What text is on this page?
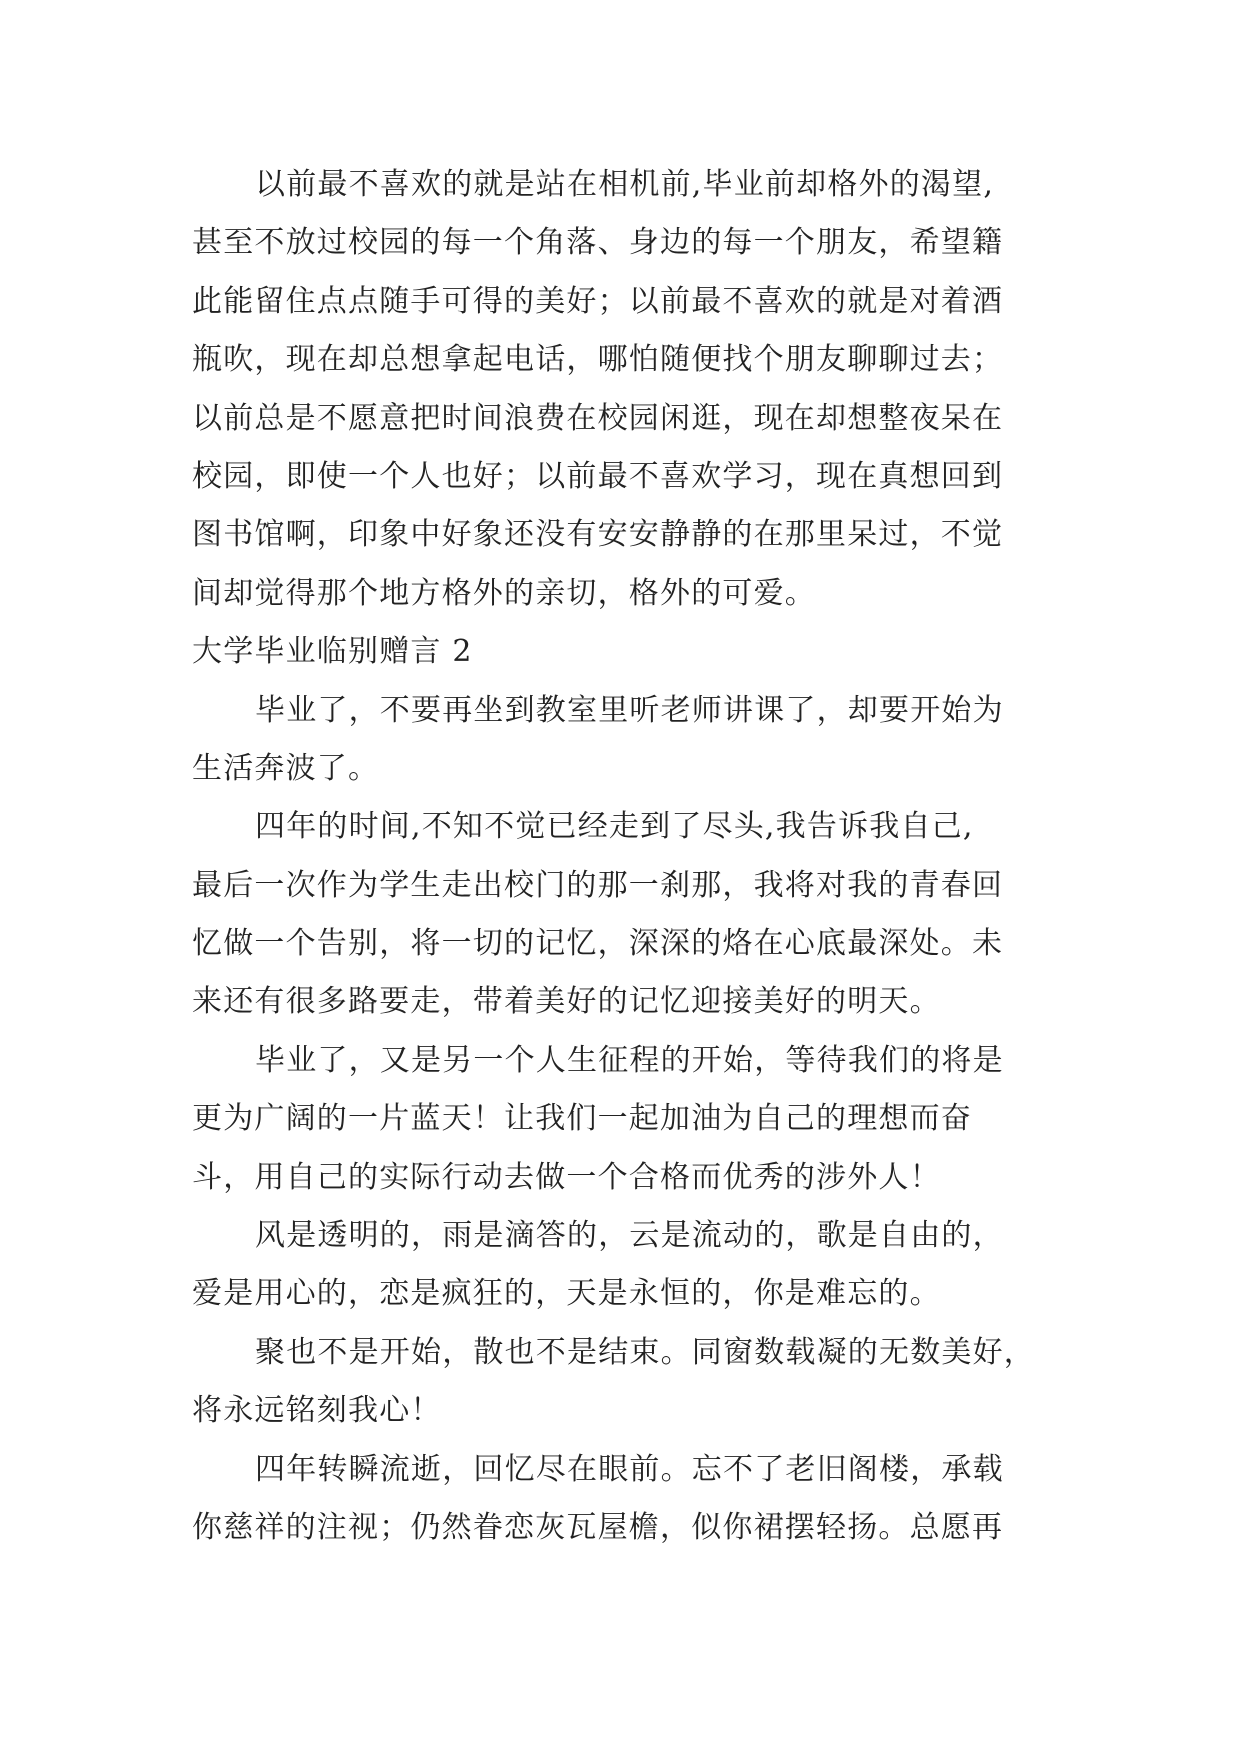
以前最不喜欢的就是站在相机前,毕业前却格外的渴望,
甚至不放过校园的每一个角落、身边的每一个朋友，希望籍
此能留住点点随手可得的美好；以前最不喜欢的就是对着酒
瓶吹，现在却总想拿起电话，哪怕随便找个朋友聊聊过去；
以前总是不愿意把时间浪费在校园闲逛，现在却想整夜呆在
校园，即使一个人也好；以前最不喜欢学习，现在真想回到
图书馆啊，印象中好象还没有安安静静的在那里呆过，不觉
间却觉得那个地方格外的亲切，格外的可爱。
大学毕业临别赠言 2
毕业了，不要再坐到教室里听老师讲课了，却要开始为
生活奔波了。
四年的时间,不知不觉已经走到了尽头,我告诉我自己,
最后一次作为学生走出校门的那一刹那，我将对我的青春回
忆做一个告别，将一切的记忆，深深的烙在心底最深处。未
来还有很多路要走，带着美好的记忆迎接美好的明天。
毕业了，又是另一个人生征程的开始，等待我们的将是
更为广阔的一片蓝天！让我们一起加油为自己的理想而奋
斗，用自己的实际行动去做一个合格而优秀的涉外人！
风是透明的，雨是滴答的，云是流动的，歌是自由的，
爱是用心的，恋是疯狂的，天是永恒的，你是难忘的。
聚也不是开始，散也不是结束。同窗数载凝的无数美好，
将永远铭刻我心！
四年转瞬流逝，回忆尽在眼前。忘不了老旧阁楼，承载
你慈祥的注视；仍然眷恋灰瓦屋檐，似你裙摆轻扬。总愿再
